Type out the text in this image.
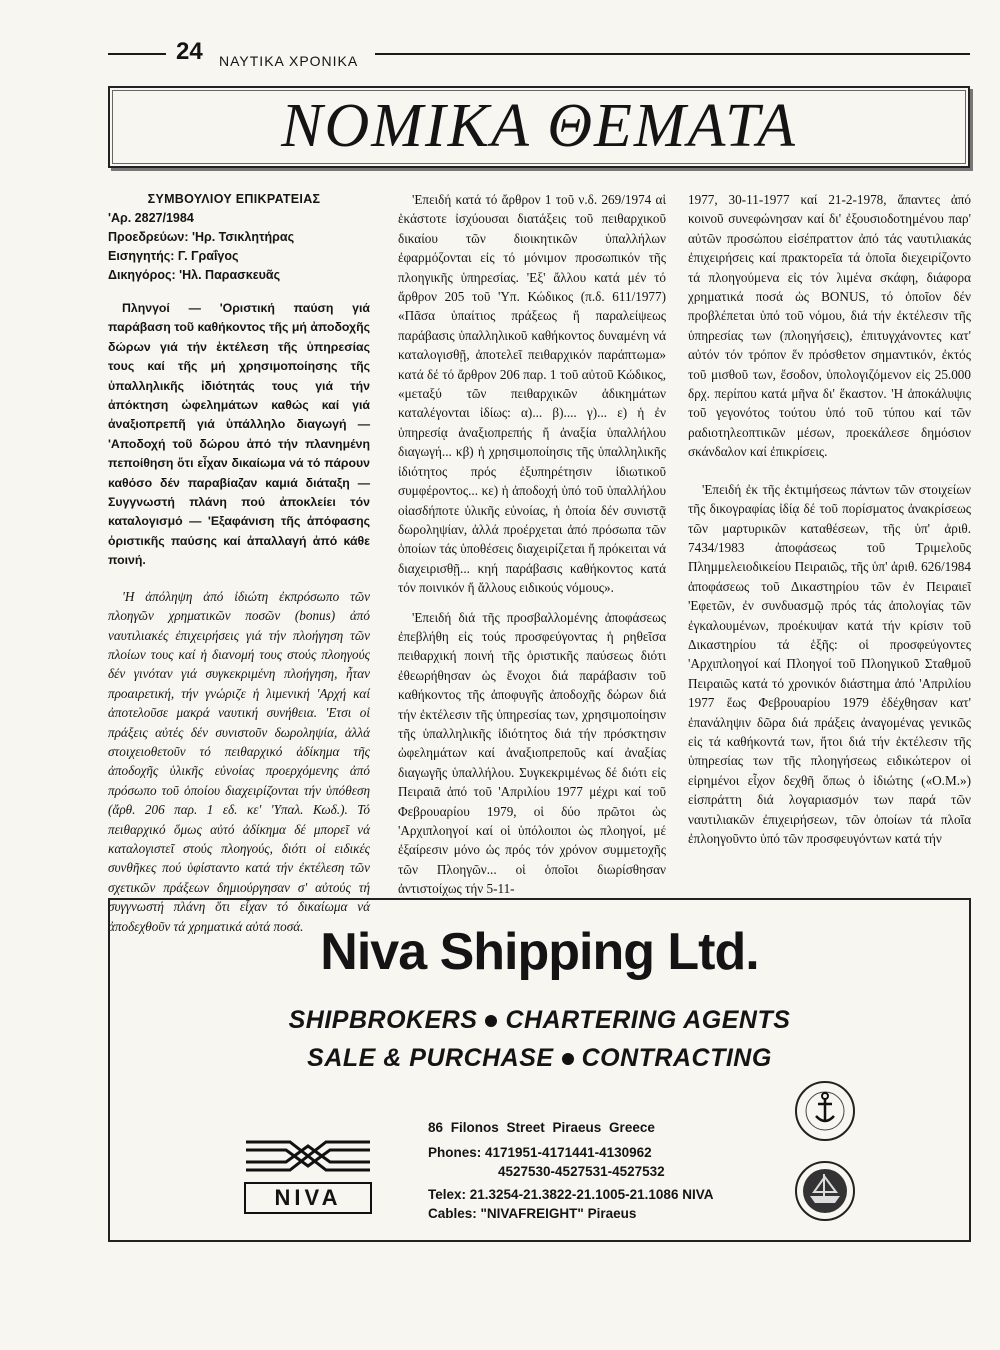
24 ΝΑΥΤΙΚΑ ΧΡΟΝΙΚΑ
ΝΟΜΙΚΑ ΘΕΜΑΤΑ
ΣΥΜΒΟΥΛΙΟΥ ΕΠΙΚΡΑΤΕΙΑΣ
'Αρ. 2827/1984
Προεδρεύων: 'Ηρ. Τσικλητήρας
Εισηγητής: Γ. Γραΐγος
Δικηγόρος: 'Ηλ. Παρασκευᾶς

Πληνγοί — 'Οριστική παύση γιά παράβαση τοῦ καθήκοντος τῆς μή ἀποδοχῆς δώρων γιά τήν ἐκτέλεση τῆς ὑπηρεσίας τους καί τῆς μή χρησιμοποίησης τῆς ὑπαλληλικῆς ἰδιότητάς τους γιά τήν ἀπόκτηση ὠφελημάτων καθώς καί γιά ἀναξιοπρεπῆ γιά ὑπάλληλο διαγωγή — 'Αποδοχή τοῦ δώρου ἀπό τήν πλανημένη πεποίθηση ὅτι εἶχαν δικαίωμα νά τό πάρουν καθόσο δέν παραβίαζαν καμιά διάταξη — Συγγνωστή πλάνη πού ἀποκλείει τόν καταλογισμό — 'Εξαφάνιση τῆς ἀπόφασης ὁριστικῆς παύσης καί ἀπαλλαγή ἀπό κάθε ποινή.

'Η ἀπόληψη ἀπό ἰδιώτη ἐκπρόσωπο τῶν πλοηγῶν χρηματικῶν ποσῶν (bonus) ἀπό ναυτιλιακές ἐπιχειρήσεις γιά τήν πλοήγηση τῶν πλοίων τους καί ἡ διανομή τους στούς πλοηγούς δέν γινόταν γιά συγκεκριμένη πλοήγηση, ἦταν προαιρετική, τήν γνώριζε ἡ λιμενική 'Αρχή καί ἀποτελοῦσε μακρά ναυτική συνήθεια. 'Ετσι οἱ πράξεις αὐτές δέν συνιστοῦν δωροληψία, ἀλλά στοιχειοθετοῦν τό πειθαρχικό ἀδίκημα τῆς ἀποδοχῆς ὑλικῆς εὐνοίας προερχόμενης ἀπό πρόσωπο τοῦ ὁποίου διαχειρίζονται τήν ὑπόθεση (ἄρθ. 206 παρ. 1 εδ. κε' 'Υπαλ. Κωδ.). Τό πειθαρχικό ὅμως αὐτό ἀδίκημα δέ μπορεῖ νά καταλογιστεῖ στούς πλοηγούς, διότι οἱ ειδικές συνθῆκες πού ὑφίσταντο κατά τήν ἐκτέλεση τῶν σχετικῶν πράξεων δημιούργησαν σ' αὐτούς τή συγγνωστή πλάνη ὅτι εἶχαν τό δικαίωμα νά ἀποδεχθοῦν τά χρηματικά αὐτά ποσά.

'Επειδή κατά τό ἄρθρον 1 τοῦ ν.δ. 269/1974 αἱ ἑκάστοτε ἰσχύουσαι διατάξεις τοῦ πειθαρχικοῦ δικαίου τῶν διοικητικῶν ὑπαλλήλων ἐφαρμόζονται εἰς τό μόνιμον προσωπικόν τῆς πλοηγικῆς ὑπηρεσίας. 'Εξ' ἄλλου κατά μέν τό ἄρθρον 205 τοῦ 'Υπ. Κώδικος (π.δ. 611/1977) «Πᾶσα ὑπαίτιος πράξεως ἤ παραλείψεως παράβασις ὑπαλληλικοῦ καθήκοντος δυναμένη νά καταλογισθῇ, ἀποτελεῖ πειθαρχικόν παράπτωμα» κατά δέ τό ἄρθρον 206 παρ. 1 τοῦ αὐτοῦ Κώδικος, «μεταξύ τῶν πειθαρχικῶν ἀδικημάτων καταλέγονται ἰδίως: α)... β).... γ)... ε) ἡ ἐν ὑπηρεσίᾳ ἀναξιοπρεπής ἤ ἀναξία ὑπαλλήλου διαγωγή... κβ) ἡ χρησιμοποίησις τῆς ὑπαλληλικῆς ἰδιότητος πρός ἐξυπηρέτησιν ἰδιωτικοῦ συμφέροντος... κε) ἡ ἀποδοχή ὑπό τοῦ ὑπαλλήλου οἱασδήποτε ὑλικῆς εὐνοίας, ἡ ὁποία δέν συνιστᾷ δωροληψίαν, ἀλλά προέρχεται ἀπό πρόσωπα τῶν ὁποίων τάς ὑποθέσεις διαχειρίζεται ἤ πρόκειται νά διαχειρισθῇ... κηή παράβασις καθήκοντος κατά τόν ποινικόν ἤ ἄλλους ειδικούς νόμους».

'Επειδή διά τῆς προσβαλλομένης ἀποφάσεως ἐπεβλήθη εἰς τούς προσφεύγοντας ἡ ρηθεῖσα πειθαρχική ποινή τῆς ὁριστικῆς παύσεως διότι ἐθεωρήθησαν ὡς ἔνοχοι διά παράβασιν τοῦ καθήκοντος τῆς ἀποφυγῆς ἀποδοχῆς δώρων διά τήν ἐκτέλεσιν τῆς ὑπηρεσίας των, χρησιμοποίησιν τῆς ὑπαλληλικῆς ἰδιότητος διά τήν πρόσκτησιν ὠφελημάτων καί ἀναξιοπρεποῦς καί ἀναξίας διαγωγῆς ὑπαλλήλου. Συγκεκριμένως δέ διότι εἰς Πειραιᾶ ἀπό τοῦ 'Απριλίου 1977 μέχρι καί τοῦ Φεβρουαρίου 1979, οἱ δύο πρῶτοι ὡς 'Αρχιπλοηγοί καί οἱ ὑπόλοιποι ὡς πλοηγοί, μέ ἐξαίρεσιν μόνο ὡς πρός τόν χρόνον συμμετοχῆς τῶν Πλοηγῶν... οἱ ὁποῖοι διωρίσθησαν ἀντιστοίχως τήν 5-11-

1977, 30-11-1977 καί 21-2-1978, ἅπαντες ἀπό κοινοῦ συνεφώνησαν καί δι' ἐξουσιοδοτημένου παρ' αὐτῶν προσώπου εἰσέπραττον ἀπό τάς ναυτιλιακάς ἐπιχειρήσεις καί πρακτορεῖα τά ὁποῖα διεχειρίζοντο τά πλοηγούμενα εἰς τόν λιμένα σκάφη, διάφορα χρηματικά ποσά ὡς BONUS, τό ὁποῖον δέν προβλέπεται ὑπό τοῦ νόμου, διά τήν ἐκτέλεσιν τῆς ὑπηρεσίας των (πλοηγήσεις), ἐπιτυγχάνοντες κατ' αὐτόν τόν τρόπον ἕν πρόσθετον σημαντικόν, ἐκτός τοῦ μισθοῦ των, ἔσοδον, ὑπολογιζόμενον εἰς 25.000 δρχ. περίπου κατά μῆνα δι' ἕκαστον. 'Η ἀποκάλυψις τοῦ γεγονότος τούτου ὑπό τοῦ τύπου καί τῶν ραδιοτηλεοπτικῶν μέσων, προεκάλεσε δημόσιον σκάνδαλον καί ἐπικρίσεις.

'Επειδή ἐκ τῆς ἐκτιμήσεως πάντων τῶν στοιχείων τῆς δικογραφίας ἰδίᾳ δέ τοῦ πορίσματος ἀνακρίσεως τῶν μαρτυρικῶν καταθέσεων, τῆς ὑπ' ἀριθ. 7434/1983 ἀποφάσεως τοῦ Τριμελοῦς Πλημμελειοδικείου Πειραιῶς, τῆς ὑπ' ἀριθ. 626/1984 ἀποφάσεως τοῦ Δικαστηρίου τῶν ἐν Πειραιεῖ 'Εφετῶν, ἐν συνδυασμῷ πρός τάς ἀπολογίας τῶν ἐγκαλουμένων, προέκυψαν κατά τήν κρίσιν τοῦ Δικαστηρίου τά ἑξῆς: οἱ προσφεύγοντες 'Αρχιπλοηγοί καί Πλοηγοί τοῦ Πλοηγικοῦ Σταθμοῦ Πειραιῶς κατά τό χρονικόν διάστημα ἀπό 'Απριλίου 1977 ἕως Φεβρουαρίου 1979 ἐδέχθησαν κατ' ἐπανάληψιν δῶρα διά πράξεις ἀναγομένας γενικῶς εἰς τά καθήκοντά των, ἤτοι διά τήν ἐκτέλεσιν τῆς ὑπηρεσίας των τῆς πλοηγήσεως ειδικώτερον οἱ εἰρημένοι εἶχον δεχθῆ ὅπως ὁ ἰδιώτης («Ο.Μ.») εἰσπράττη διά λογαριασμόν των παρά τῶν ναυτιλιακῶν ἐπιχειρήσεων, τῶν ὁποίων τά πλοῖα ἐπλοηγοῦντο ὑπό τῶν προσφευγόντων κατά τήν

Niva Shipping Ltd.
SHIPBROKERS CHARTERING AGENTS
SALE & PURCHASE CONTRACTING
NIVA
86 Filonos Street Piraeus Greece
Phones: 4171951-4171441-4130962
4527530-4527531-4527532
Telex: 21.3254-21.3822-21.1005-21.1086 NIVA
Cables: "NIVAFREIGHT" Piraeus
